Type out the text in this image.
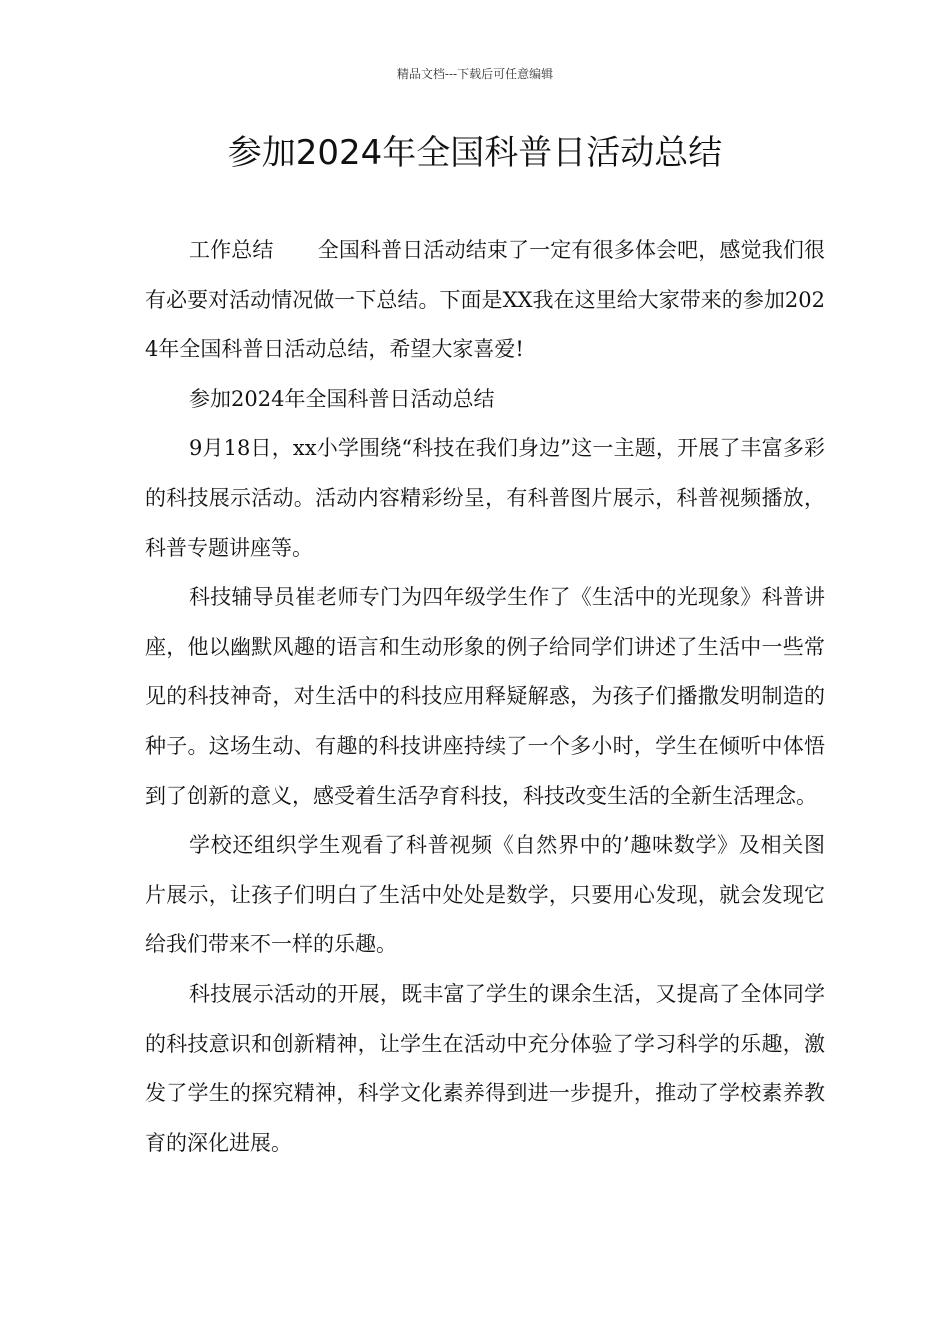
精品文档---下载后可任意编辑
参加2024年全国科普日活动总结

工作总结 全国科普日活动结束了一定有很多体会吧，感觉我们很有必要对活动情况做一下总结。下面是XX我在这里给大家带来的参加2024年全国科普日活动总结，希望大家喜爱!

参加2024年全国科普日活动总结

9月18日，xx小学围绕“科技在我们身边”这一主题，开展了丰富多彩的科技展示活动。活动内容精彩纷呈，有科普图片展示，科普视频播放，科普专题讲座等。

科技辅导员崔老师专门为四年级学生作了《生活中的光现象》科普讲座，他以幽默风趣的语言和生动形象的例子给同学们讲述了生活中一些常见的科技神奇，对生活中的科技应用释疑解惑，为孩子们播撒发明制造的种子。这场生动、有趣的科技讲座持续了一个多小时，学生在倾听中体悟到了创新的意义，感受着生活孕育科技，科技改变生活的全新生活理念。

学校还组织学生观看了科普视频《自然界中的’趣味数学》及相关图片展示，让孩子们明白了生活中处处是数学，只要用心发现，就会发现它给我们带来不一样的乐趣。

科技展示活动的开展，既丰富了学生的课余生活，又提高了全体同学的科技意识和创新精神，让学生在活动中充分体验了学习科学的乐趣，激发了学生的探究精神，科学文化素养得到进一步提升，推动了学校素养教育的深化进展。
